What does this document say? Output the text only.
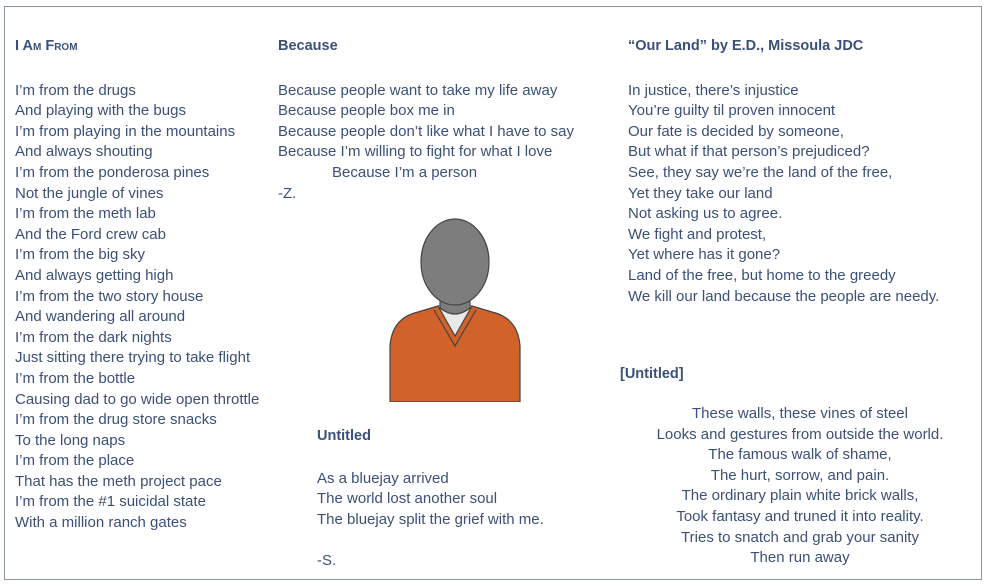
I Am From
I’m from the drugs
And playing with the bugs
I’m from playing in the mountains
And always shouting
I’m from the ponderosa pines
Not the jungle of vines
I’m from the meth lab
And the Ford crew cab
I’m from the big sky
And always getting high
I’m from the two story house
And wandering all around
I’m from the dark nights
Just sitting there trying to take flight
I’m from the bottle
Causing dad to go wide open throttle
I’m from the drug store snacks
To the long naps
I’m from the place
That has the meth project pace
I’m from the #1 suicidal state
With a million ranch gates
Because
Because people want to take my life away
Because people box me in
Because people don’t like what I have to say
Because I’m willing to fight for what I love
Because I’m a person
-Z.
Untitled
As a bluejay arrived
The world lost another soul
The bluejay split the grief with me.
-S.
“Our Land” by E.D., Missoula JDC
In justice, there’s injustice
You’re guilty til proven innocent
Our fate is decided by someone,
But what if that person’s prejudiced?
See, they say we’re the land of the free,
Yet they take our land
Not asking us to agree.
We fight and protest,
Yet where has it gone?
Land of the free, but home to the greedy
We kill our land because the people are needy.
[Untitled]
These walls, these vines of steel
Looks and gestures from outside the world.
The famous walk of shame,
The hurt, sorrow, and pain.
The ordinary plain white brick walls,
Took fantasy and truned it into reality.
Tries to snatch and grab your sanity
Then run away
